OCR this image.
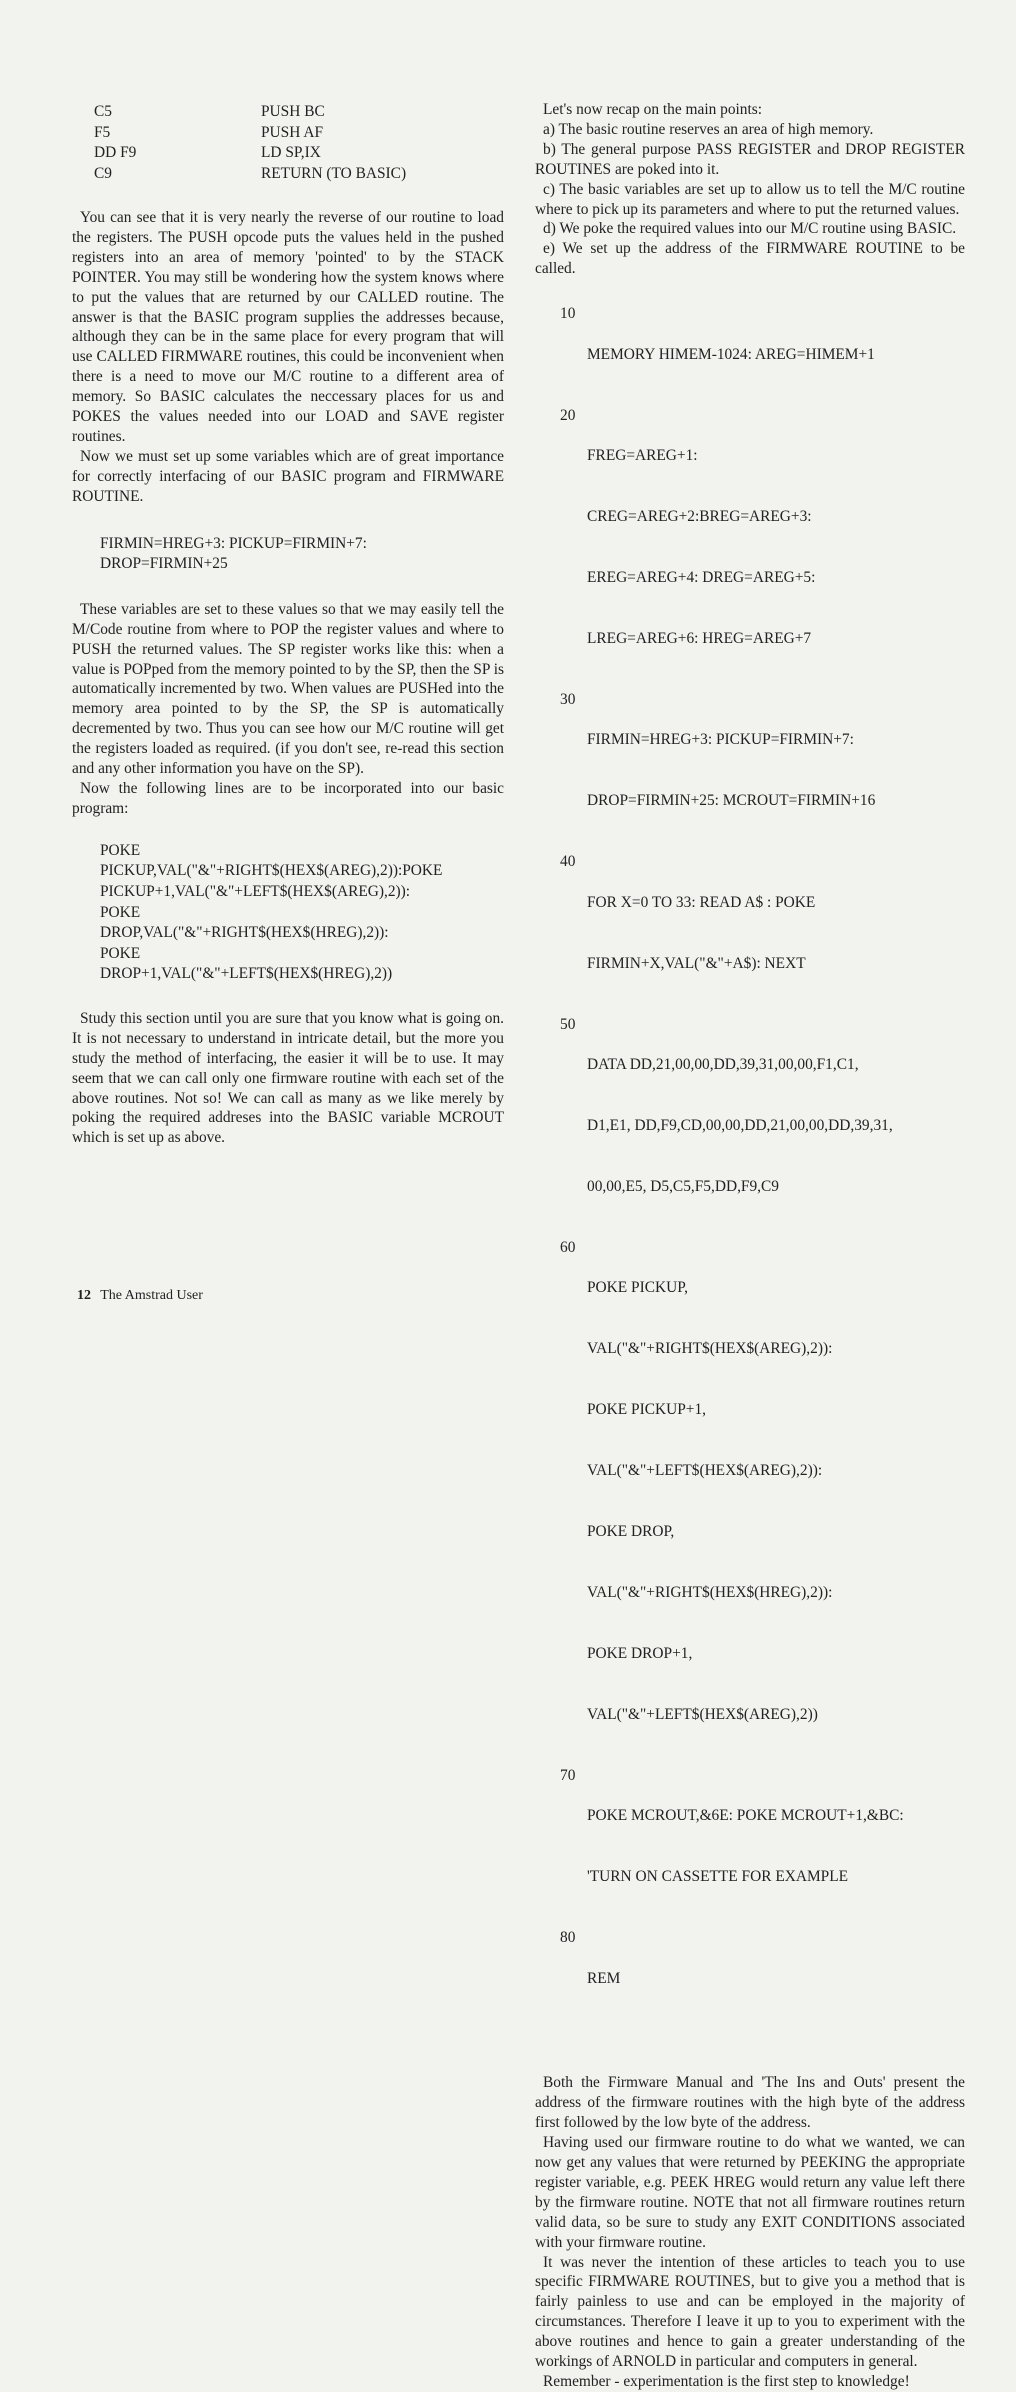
C5	PUSH BC
F5	PUSH AF
DD F9	LD SP,IX
C9	RETURN (TO BASIC)

You can see that it is very nearly the reverse of our routine to load the registers. The PUSH opcode puts the values held in the pushed registers into an area of memory 'pointed' to by the STACK POINTER. You may still be wondering how the system knows where to put the values that are returned by our CALLED routine. The answer is that the BASIC program supplies the addresses because, although they can be in the same place for every program that will use CALLED FIRMWARE routines, this could be inconvenient when there is a need to move our M/C routine to a different area of memory. So BASIC calculates the neccessary places for us and POKES the values needed into our LOAD and SAVE register routines.

Now we must set up some variables which are of great importance for correctly interfacing of our BASIC program and FIRMWARE ROUTINE.

FIRMIN=HREG+3: PICKUP=FIRMIN+7:
DROP=FIRMIN+25

These variables are set to these values so that we may easily tell the M/Code routine from where to POP the register values and where to PUSH the returned values. The SP register works like this: when a value is POPped from the memory pointed to by the SP, then the SP is automatically incremented by two. When values are PUSHed into the memory area pointed to by the SP, the SP is automatically decremented by two. Thus you can see how our M/C routine will get the registers loaded as required. (if you don't see, re-read this section and any other information you have on the SP).

Now the following lines are to be incorporated into our basic program:

POKE
PICKUP,VAL("&"+RIGHT$(HEX$(AREG),2)):POKE
PICKUP+1,VAL("&"+LEFT$(HEX$(AREG),2)):
POKE
DROP,VAL("&"+RIGHT$(HEX$(HREG),2)):
POKE
DROP+1,VAL("&"+LEFT$(HEX$(HREG),2))

Study this section until you are sure that you know what is going on. It is not necessary to understand in intricate detail, but the more you study the method of interfacing, the easier it will be to use. It may seem that we can call only one firmware routine with each set of the above routines. Not so! We can call as many as we like merely by poking the required addreses into the BASIC variable MCROUT which is set up as above.

Let's now recap on the main points:

a) The basic routine reserves an area of high memory.

b) The general purpose PASS REGISTER and DROP REGISTER ROUTINES are poked into it.

c) The basic variables are set up to allow us to tell the M/C routine where to pick up its parameters and where to put the returned values.

d) We poke the required values into our M/C routine using BASIC.

e) We set up the address of the FIRMWARE ROUTINE to be called.

10

MEMORY HIMEM-1024: AREG=HIMEM+1

20

FREG=AREG+1:

CREG=AREG+2:BREG=AREG+3:

EREG=AREG+4: DREG=AREG+5:

LREG=AREG+6: HREG=AREG+7

30

FIRMIN=HREG+3: PICKUP=FIRMIN+7:

DROP=FIRMIN+25: MCROUT=FIRMIN+16

40

FOR X=0 TO 33: READ A$ : POKE

FIRMIN+X,VAL("&"+A$): NEXT

50

DATA DD,21,00,00,DD,39,31,00,00,F1,C1,

D1,E1, DD,F9,CD,00,00,DD,21,00,00,DD,39,31,

00,00,E5, D5,C5,F5,DD,F9,C9

60

POKE PICKUP,

VAL("&"+RIGHT$(HEX$(AREG),2)):

POKE PICKUP+1,

VAL("&"+LEFT$(HEX$(AREG),2)):

POKE DROP,

VAL("&"+RIGHT$(HEX$(HREG),2)):

POKE DROP+1,

VAL("&"+LEFT$(HEX$(AREG),2))

70

POKE MCROUT,&6E: POKE MCROUT+1,&BC:

'TURN ON CASSETTE FOR EXAMPLE

80

REM

Both the Firmware Manual and 'The Ins and Outs' present the address of the firmware routines with the high byte of the address first followed by the low byte of the address.

Having used our firmware routine to do what we wanted, we can now get any values that were returned by PEEKING the appropriate register variable, e.g. PEEK HREG would return any value left there by the firmware routine. NOTE that not all firmware routines return valid data, so be sure to study any EXIT CONDITIONS associated with your firmware routine.

It was never the intention of these articles to teach you to use specific FIRMWARE ROUTINES, but to give you a method that is fairly painless to use and can be employed in the majority of circumstances. Therefore I leave it up to you to experiment with the above routines and hence to gain a greater understanding of the workings of ARNOLD in particular and computers in general.

Remember - experimentation is the first step to knowledge!

12 The Amstrad User
